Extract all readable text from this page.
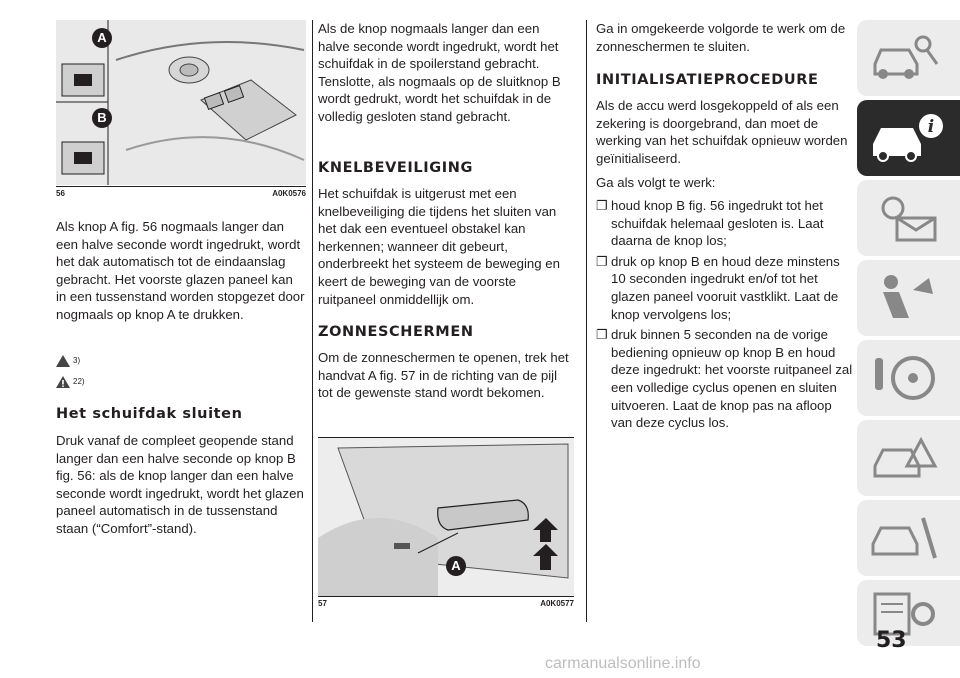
A
B
56	A0K0576

Als knop A fig. 56 nogmaals langer dan een halve seconde wordt ingedrukt, wordt het dak automatisch tot de eindaanslag gebracht. Het voorste glazen paneel kan in een tussenstand worden stopgezet door nogmaals op knop A te drukken.

3)
22)
Het schuifdak sluiten

Druk vanaf de compleet geopende stand langer dan een halve seconde op knop B fig. 56: als de knop langer dan een halve seconde wordt ingedrukt, wordt het glazen paneel automatisch in de tussenstand staan (“Comfort”-stand).

Als de knop nogmaals langer dan een halve seconde wordt ingedrukt, wordt het schuifdak in de spoilerstand gebracht. Tenslotte, als nogmaals op de sluitknop B wordt gedrukt, wordt het schuifdak in de volledig gesloten stand gebracht.

KNELBEVEILIGING

Het schuifdak is uitgerust met een knelbeveiliging die tijdens het sluiten van het dak een eventueel obstakel kan herkennen; wanneer dit gebeurt, onderbreekt het systeem de beweging en keert de beweging van de voorste ruitpaneel onmiddellijk om.

ZONNESCHERMEN

Om de zonneschermen te openen, trek het handvat A fig. 57 in de richting van de pijl tot de gewenste stand wordt bekomen.

A
57	A0K0577

Ga in omgekeerde volgorde te werk om de zonneschermen te sluiten.

INITIALISATIEPROCEDURE

Als de accu werd losgekoppeld of als een zekering is doorgebrand, dan moet de werking van het schuifdak opnieuw worden geïnitialiseerd.

Ga als volgt te werk:

❐ houd knop B fig. 56 ingedrukt tot het schuifdak helemaal gesloten is. Laat daarna de knop los;
❐ druk op knop B en houd deze minstens 10 seconden ingedrukt en/of tot het glazen paneel vooruit vastklikt. Laat de knop vervolgens los;
❐ druk binnen 5 seconden na de vorige bediening opnieuw op knop B en houd deze ingedrukt: het voorste ruitpaneel zal een volledige cyclus openen en sluiten uitvoeren. Laat de knop pas na afloop van deze cyclus los.
i
53
carmanualsonline.info
